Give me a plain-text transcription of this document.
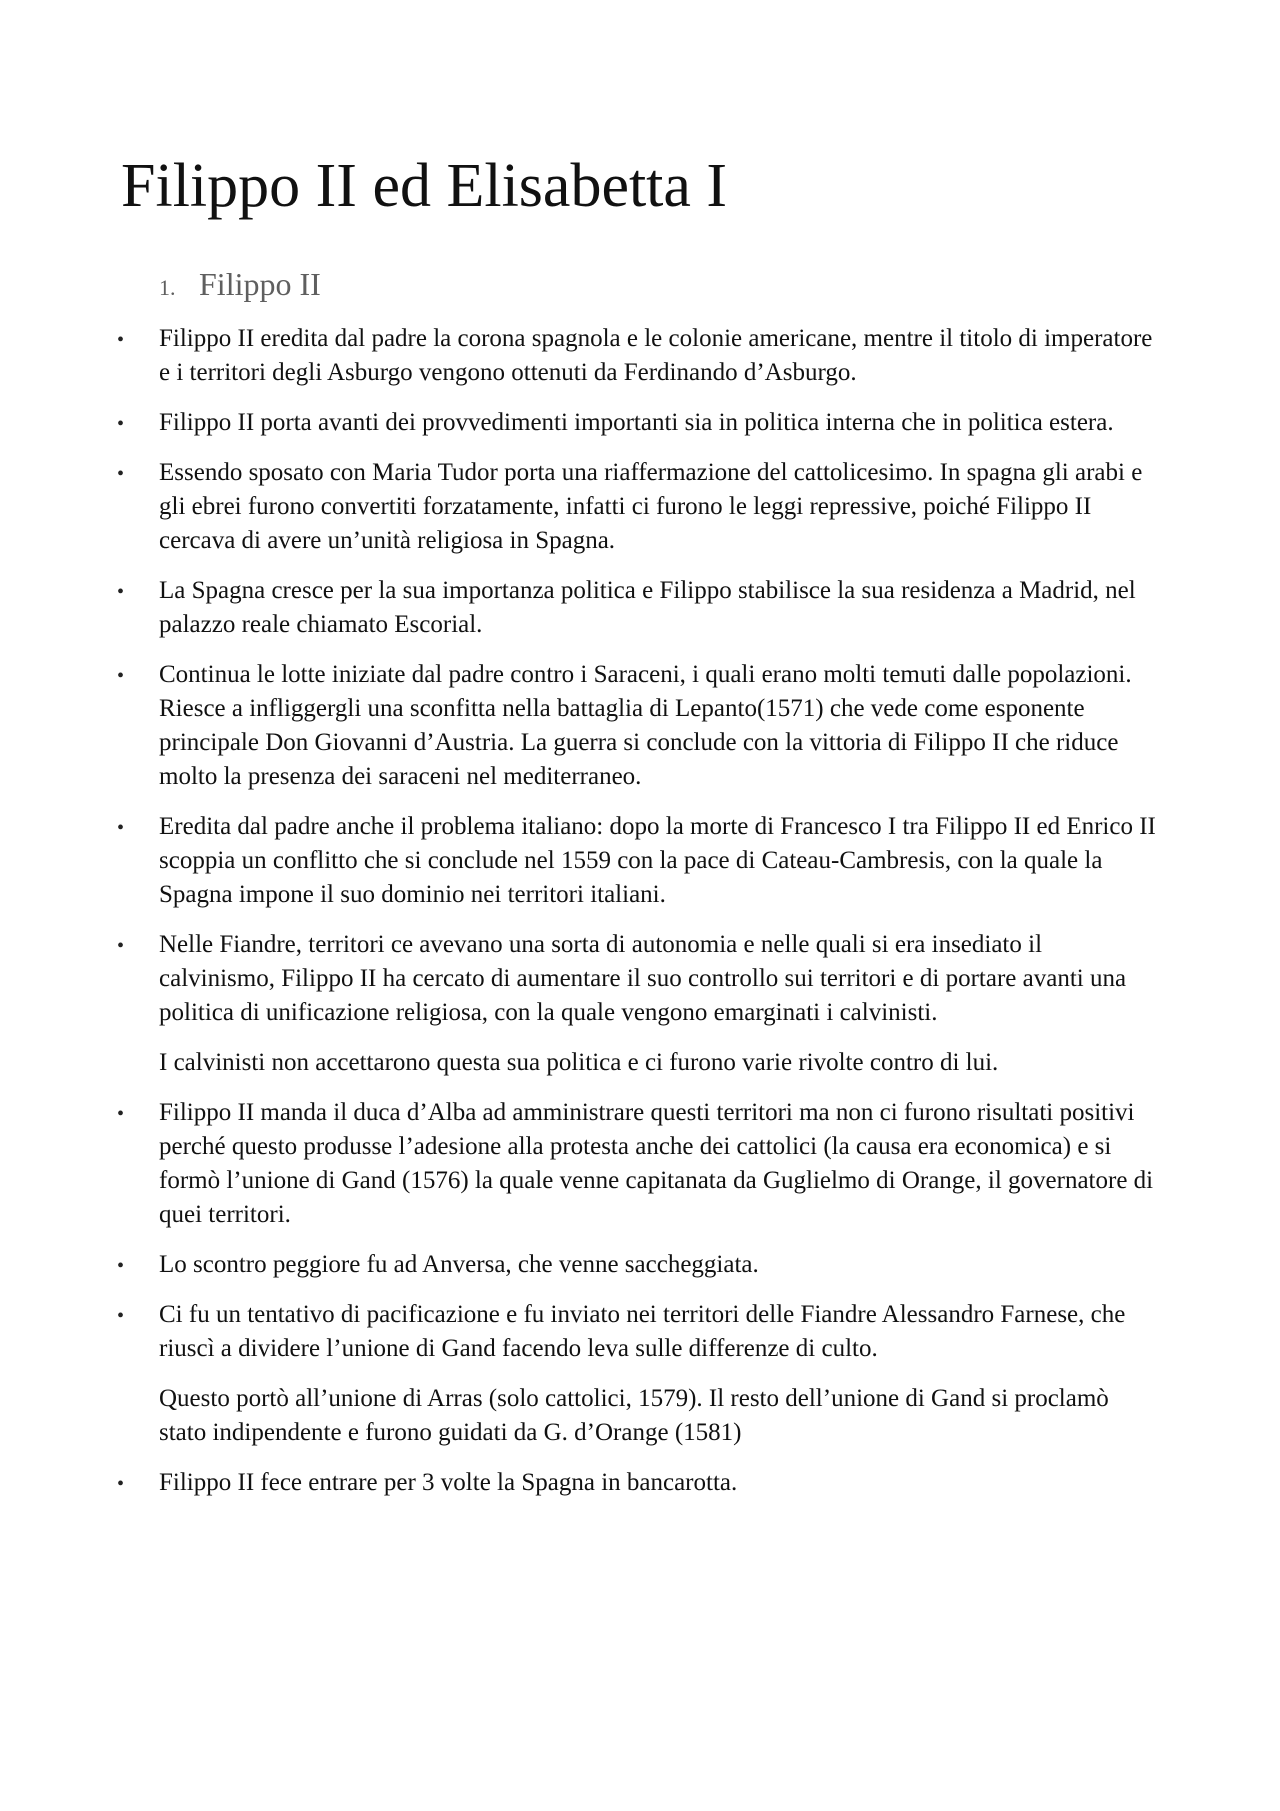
Filippo II ed Elisabetta I
1. Filippo II
• Filippo II eredita dal padre la corona spagnola e le colonie americane, mentre il titolo di imperatore e i territori degli Asburgo vengono ottenuti da Ferdinando d’Asburgo.
• Filippo II porta avanti dei provvedimenti importanti sia in politica interna che in politica estera.
• Essendo sposato con Maria Tudor porta una riaffermazione del cattolicesimo. In spagna gli arabi e gli ebrei furono convertiti forzatamente, infatti ci furono le leggi repressive, poiché Filippo II cercava di avere un’unità religiosa in Spagna.
• La Spagna cresce per la sua importanza politica e Filippo stabilisce la sua residenza a Madrid, nel palazzo reale chiamato Escorial.
• Continua le lotte iniziate dal padre contro i Saraceni, i quali erano molti temuti dalle popolazioni. Riesce a infliggergli una sconfitta nella battaglia di Lepanto(1571) che vede come esponente principale Don Giovanni d’Austria. La guerra si conclude con la vittoria di Filippo II che riduce molto la presenza dei saraceni nel mediterraneo.
• Eredita dal padre anche il problema italiano: dopo la morte di Francesco I tra Filippo II ed Enrico II scoppia un conflitto che si conclude nel 1559 con la pace di Cateau-Cambresis, con la quale la Spagna impone il suo dominio nei territori italiani.
• Nelle Fiandre, territori ce avevano una sorta di autonomia e nelle quali si era insediato il calvinismo, Filippo II ha cercato di aumentare il suo controllo sui territori e di portare avanti una politica di unificazione religiosa, con la quale vengono emarginati i calvinisti.
I calvinisti non accettarono questa sua politica e ci furono varie rivolte contro di lui.
• Filippo II manda il duca d’Alba ad amministrare questi territori ma non ci furono risultati positivi perché questo produsse l’adesione alla protesta anche dei cattolici (la causa era economica) e si formò l’unione di Gand (1576) la quale venne capitanata da Guglielmo di Orange, il governatore di quei territori.
• Lo scontro peggiore fu ad Anversa, che venne saccheggiata.
• Ci fu un tentativo di pacificazione e fu inviato nei territori delle Fiandre Alessandro Farnese, che riuscì a dividere l’unione di Gand facendo leva sulle differenze di culto.
Questo portò all’unione di Arras (solo cattolici, 1579). Il resto dell’unione di Gand si proclamò stato indipendente e furono guidati da G. d’Orange (1581)
• Filippo II fece entrare per 3 volte la Spagna in bancarotta.
